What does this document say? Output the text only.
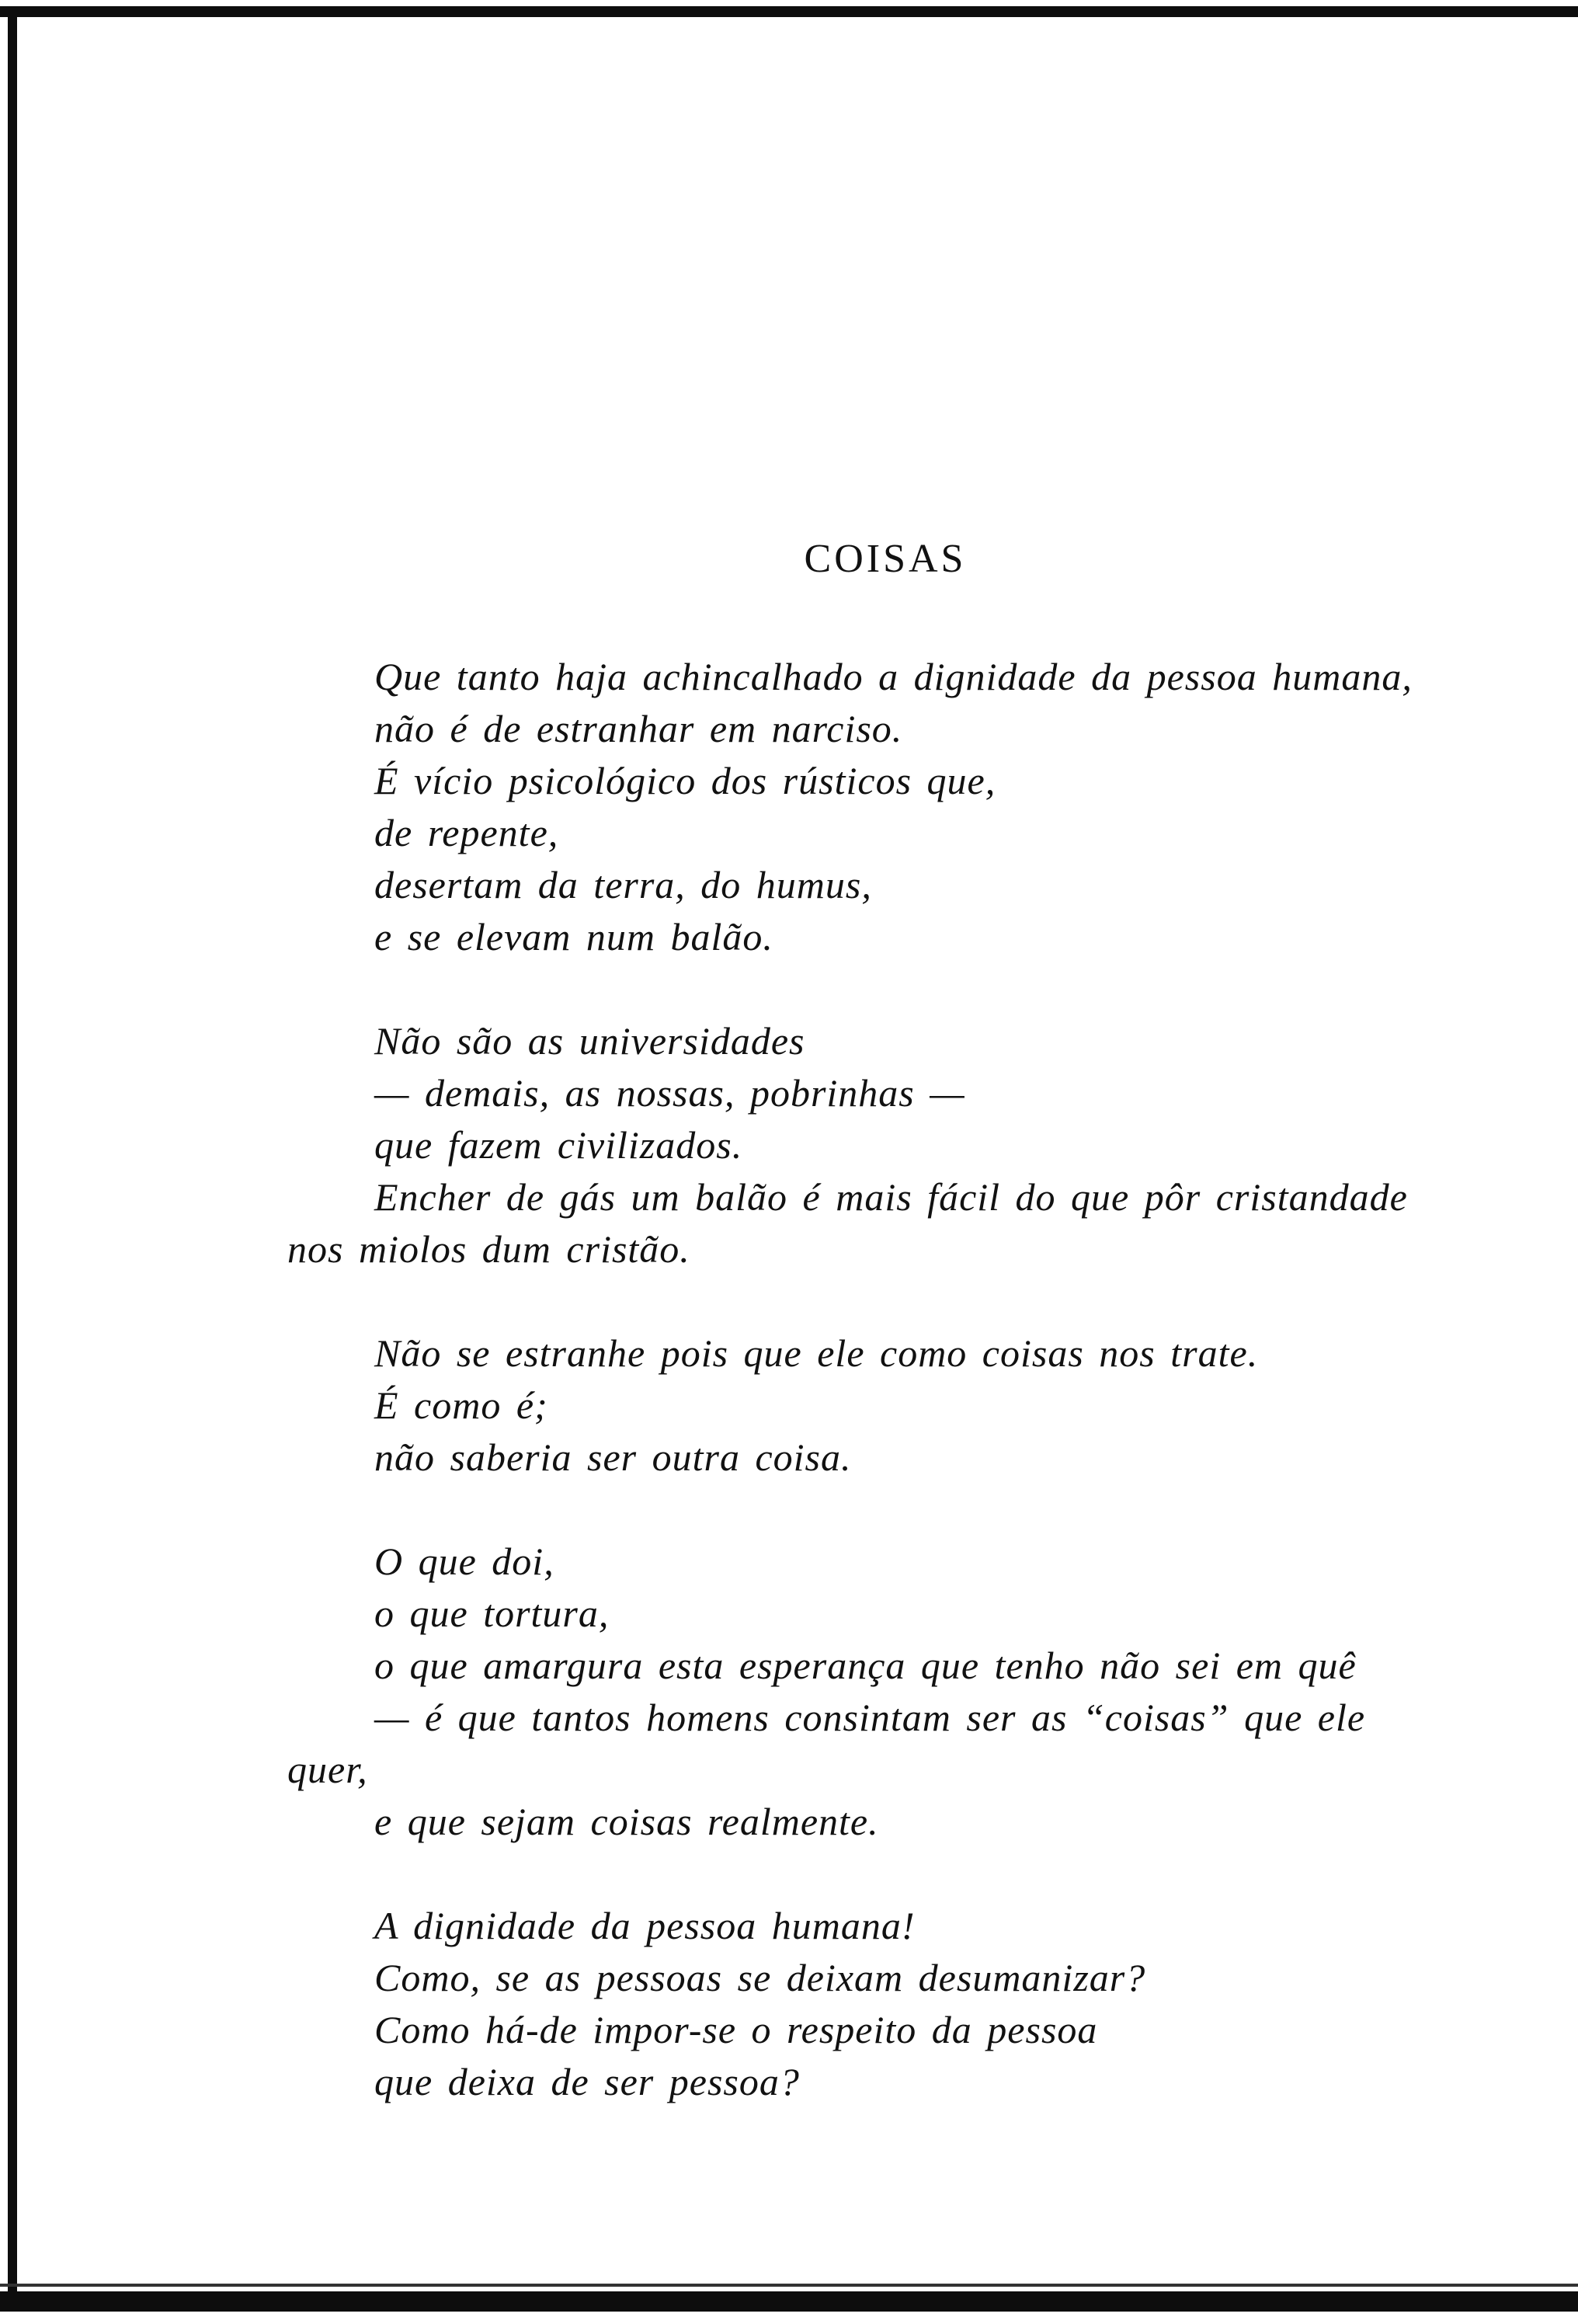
COISAS
Que tanto haja achincalhado a dignidade da pessoa humana,
não é de estranhar em narciso.
É vício psicológico dos rústicos que,
de repente,
desertam da terra, do humus,
e se elevam num balão.
Não são as universidades
— demais, as nossas, pobrinhas —
que fazem civilizados.
Encher de gás um balão é mais fácil do que pôr cristandade
nos miolos dum cristão.
Não se estranhe pois que ele como coisas nos trate.
É como é;
não saberia ser outra coisa.
O que doi,
o que tortura,
o que amargura esta esperança que tenho não sei em quê
— é que tantos homens consintam ser as “coisas” que ele
quer,
e que sejam coisas realmente.
A dignidade da pessoa humana!
Como, se as pessoas se deixam desumanizar?
Como há-de impor-se o respeito da pessoa
que deixa de ser pessoa?
